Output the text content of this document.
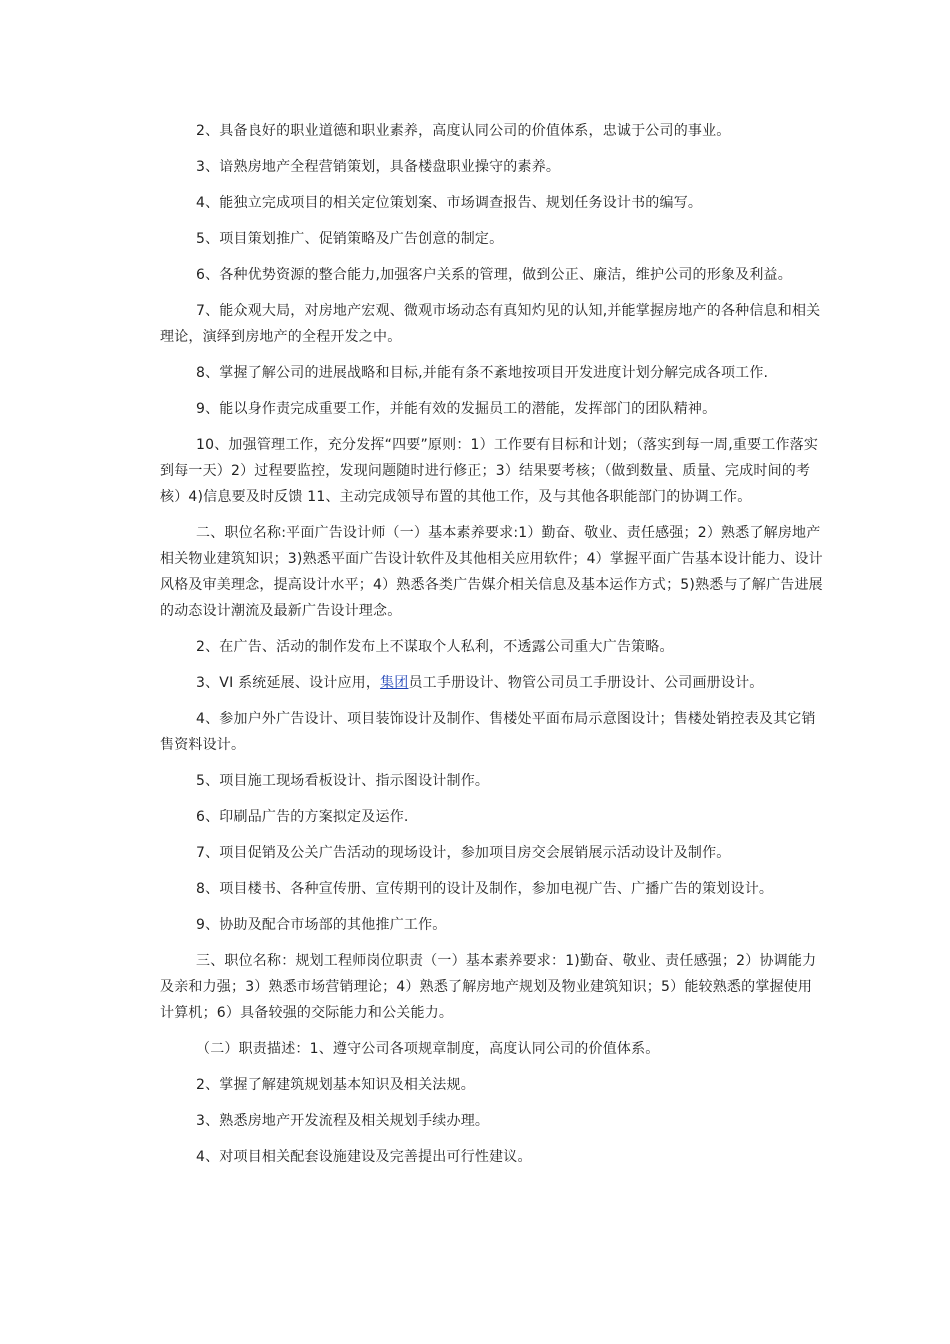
2、具备良好的职业道德和职业素养，高度认同公司的价值体系，忠诚于公司的事业。

3、谙熟房地产全程营销策划，具备楼盘职业操守的素养。

4、能独立完成项目的相关定位策划案、市场调查报告、规划任务设计书的编写。

5、项目策划推广、促销策略及广告创意的制定。

6、各种优势资源的整合能力,加强客户关系的管理，做到公正、廉洁，维护公司的形象及利益。

7、能众观大局，对房地产宏观、微观市场动态有真知灼见的认知,并能掌握房地产的各种信息和相关理论，演绎到房地产的全程开发之中。

8、掌握了解公司的进展战略和目标,并能有条不紊地按项目开发进度计划分解完成各项工作.

9、能以身作责完成重要工作，并能有效的发掘员工的潜能，发挥部门的团队精神。

10、加强管理工作，充分发挥“四要”原则：1）工作要有目标和计划；（落实到每一周,重要工作落实到每一天）2）过程要监控，发现问题随时进行修正；3）结果要考核；（做到数量、质量、完成时间的考核）4)信息要及时反馈 11、主动完成领导布置的其他工作，及与其他各职能部门的协调工作。

二、职位名称:平面广告设计师（一）基本素养要求:1）勤奋、敬业、责任感强；2）熟悉了解房地产相关物业建筑知识；3)熟悉平面广告设计软件及其他相关应用软件；4）掌握平面广告基本设计能力、设计风格及审美理念，提高设计水平；4）熟悉各类广告媒介相关信息及基本运作方式；5)熟悉与了解广告进展的动态设计潮流及最新广告设计理念。

2、在广告、活动的制作发布上不谋取个人私利，不透露公司重大广告策略。

3、VI 系统延展、设计应用，集团员工手册设计、物管公司员工手册设计、公司画册设计。

4、参加户外广告设计、项目装饰设计及制作、售楼处平面布局示意图设计；售楼处销控表及其它销售资料设计。

5、项目施工现场看板设计、指示图设计制作。

6、印刷品广告的方案拟定及运作.

7、项目促销及公关广告活动的现场设计，参加项目房交会展销展示活动设计及制作。

8、项目楼书、各种宣传册、宣传期刊的设计及制作，参加电视广告、广播广告的策划设计。

9、协助及配合市场部的其他推广工作。

三、职位名称：规划工程师岗位职责（一）基本素养要求：1)勤奋、敬业、责任感强；2）协调能力及亲和力强；3）熟悉市场营销理论；4）熟悉了解房地产规划及物业建筑知识；5）能较熟悉的掌握使用计算机；6）具备较强的交际能力和公关能力。

（二）职责描述：1、遵守公司各项规章制度，高度认同公司的价值体系。

2、掌握了解建筑规划基本知识及相关法规。

3、熟悉房地产开发流程及相关规划手续办理。

4、对项目相关配套设施建设及完善提出可行性建议。
